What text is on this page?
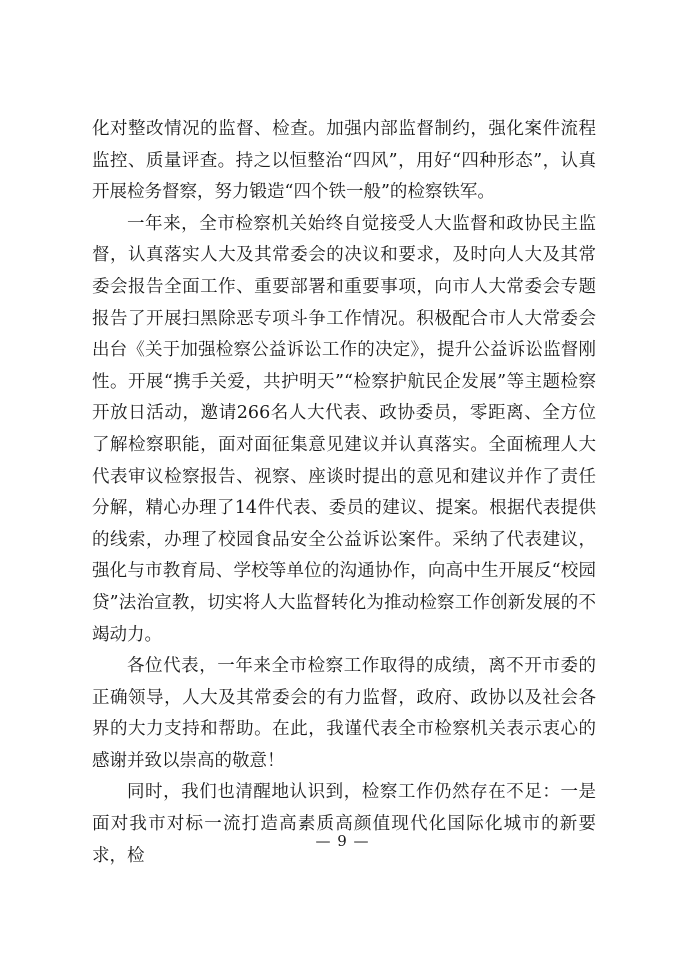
化对整改情况的监督、检查。加强内部监督制约，强化案件流程监控、质量评查。持之以恒整治“四风”，用好“四种形态”，认真开展检务督察，努力锻造“四个铁一般”的检察铁军。

一年来，全市检察机关始终自觉接受人大监督和政协民主监督，认真落实人大及其常委会的决议和要求，及时向人大及其常委会报告全面工作、重要部署和重要事项，向市人大常委会专题报告了开展扫黑除恶专项斗争工作情况。积极配合市人大常委会出台《关于加强检察公益诉讼工作的决定》，提升公益诉讼监督刚性。开展“携手关爱，共护明天”“检察护航民企发展”等主题检察开放日活动，邀请266名人大代表、政协委员，零距离、全方位了解检察职能，面对面征集意见建议并认真落实。全面梳理人大代表审议检察报告、视察、座谈时提出的意见和建议并作了责任分解，精心办理了14件代表、委员的建议、提案。根据代表提供的线索，办理了校园食品安全公益诉讼案件。采纳了代表建议，强化与市教育局、学校等单位的沟通协作，向高中生开展反“校园贷”法治宣教，切实将人大监督转化为推动检察工作创新发展的不竭动力。

各位代表，一年来全市检察工作取得的成绩，离不开市委的正确领导，人大及其常委会的有力监督，政府、政协以及社会各界的大力支持和帮助。在此，我谨代表全市检察机关表示衷心的感谢并致以崇高的敬意！

同时，我们也清醒地认识到，检察工作仍然存在不足：一是面对我市对标一流打造高素质高颜值现代化国际化城市的新要求，检

— 9 —
